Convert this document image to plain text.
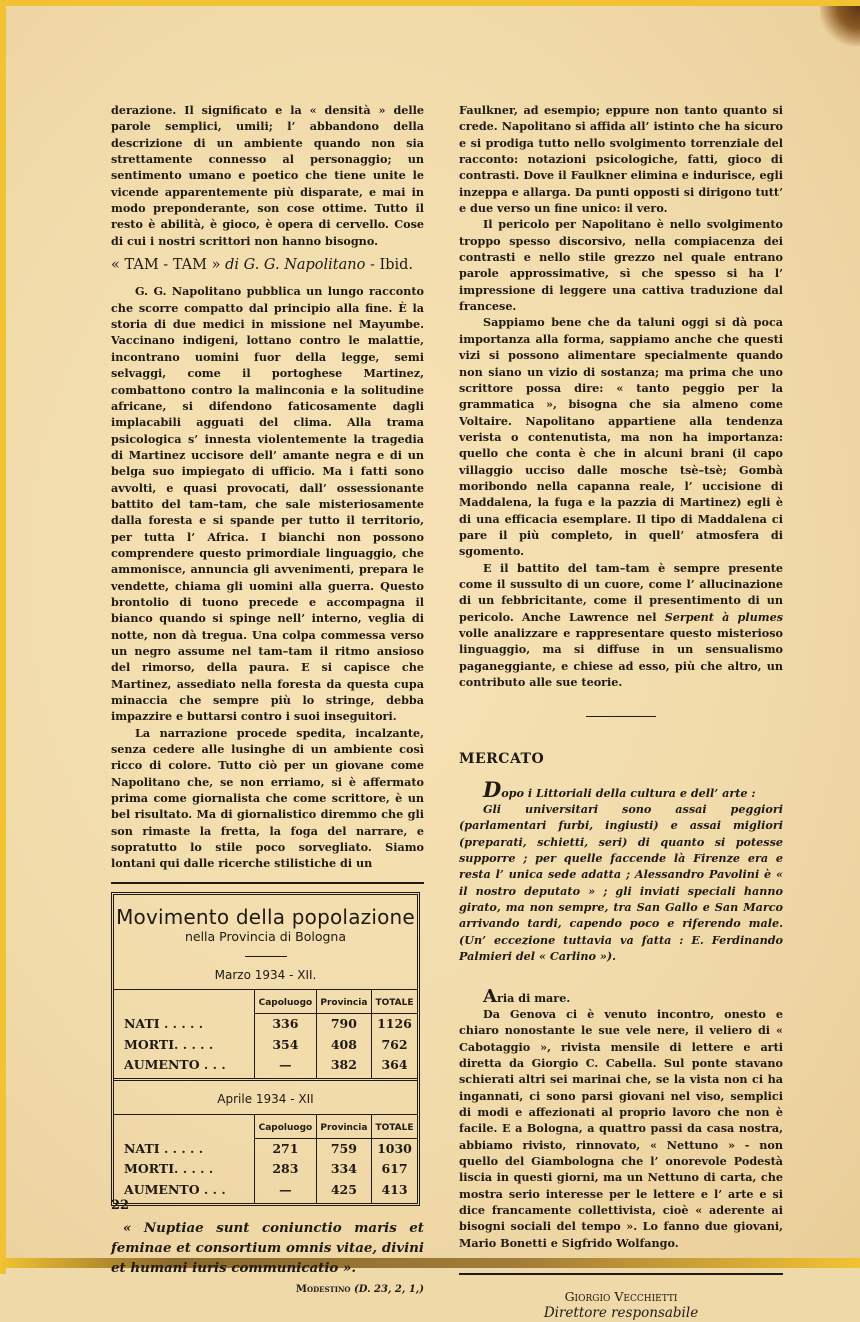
derazione. Il significato e la « densità » delle parole semplici, umili; l’ abbandono della descrizione di un ambiente quando non sia strettamente connesso al personaggio; un sentimento umano e poetico che tiene unite le vicende apparentemente più disparate, e mai in modo preponderante, son cose ottime. Tutto il resto è abilità, è gioco, è opera di cervello. Cose di cui i nostri scrittori non hanno bisogno.

« TAM - TAM » di G. G. Napolitano - Ibid.

G. G. Napolitano pubblica un lungo racconto che scorre compatto dal principio alla fine. È la storia di due medici in missione nel Mayumbe. Vaccinano indigeni, lottano contro le malattie, incontrano uomini fuor della legge, semi selvaggi, come il portoghese Martinez, combattono contro la malinconia e la solitudine africane, si difendono faticosamente dagli implacabili agguati del clima. Alla trama psicologica s’ innesta violentemente la tragedia di Martinez uccisore dell’ amante negra e di un belga suo impiegato di ufficio. Ma i fatti sono avvolti, e quasi provocati, dall’ ossessionante battito del tam–tam, che sale misteriosamente dalla foresta e si spande per tutto il territorio, per tutta l’ Africa. I bianchi non possono comprendere questo primordiale linguaggio, che ammonisce, annuncia gli avvenimenti, prepara le vendette, chiama gli uomini alla guerra. Questo brontolio di tuono precede e accompagna il bianco quando si spinge nell’ interno, veglia di notte, non dà tregua. Una colpa commessa verso un negro assume nel tam–tam il ritmo ansioso del rimorso, della paura. E si capisce che Martinez, assediato nella foresta da questa cupa minaccia che sempre più lo stringe, debba impazzire e buttarsi contro i suoi inseguitori.

La narrazione procede spedita, incalzante, senza cedere alle lusinghe di un ambiente così ricco di colore. Tutto ciò per un giovane come Napolitano che, se non erriamo, si è affermato prima come giornalista che come scrittore, è un bel risultato. Ma di giornalistico diremmo che gli son rimaste la fretta, la foga del narrare, e sopratutto lo stile poco sorvegliato. Siamo lontani qui dalle ricerche stilistiche di un

Movimento della popolazione
nella Provincia di Bologna
Marzo 1934 - XII.
	Capoluogo	Provincia	TOTALE
NATI . . . . .	336	790	1126
MORTI. . . . .	354	408	762
AUMENTO . . .	—	382	364
Aprile 1934 - XII
	Capoluogo	Provincia	TOTALE
NATI . . . . .	271	759	1030
MORTI. . . . .	283	334	617
AUMENTO . . .	—	425	413

« Nuptiae sunt coniunctio maris et feminae et consortium omnis vitae, divini et humani iuris communicatio ».

Modestino (D. 23, 2, 1,)

Faulkner, ad esempio; eppure non tanto quanto si crede. Napolitano si affida all’ istinto che ha sicuro e si prodiga tutto nello svolgimento torrenziale del racconto: notazioni psicologiche, fatti, gioco di contrasti. Dove il Faulkner elimina e indurisce, egli inzeppa e allarga. Da punti opposti si dirigono tutt’ e due verso un fine unico: il vero.

Il pericolo per Napolitano è nello svolgimento troppo spesso discorsivo, nella compiacenza dei contrasti e nello stile grezzo nel quale entrano parole approssimative, sì che spesso si ha l’ impressione di leggere una cattiva traduzione dal francese.

Sappiamo bene che da taluni oggi si dà poca importanza alla forma, sappiamo anche che questi vizi si possono alimentare specialmente quando non siano un vizio di sostanza; ma prima che uno scrittore possa dire: « tanto peggio per la grammatica », bisogna che sia almeno come Voltaire. Napolitano appartiene alla tendenza verista o contenutista, ma non ha importanza: quello che conta è che in alcuni brani (il capo villaggio ucciso dalle mosche tsè–tsè; Gombà moribondo nella capanna reale, l’ uccisione di Maddalena, la fuga e la pazzia di Martinez) egli è di una efficacia esemplare. Il tipo di Maddalena ci pare il più completo, in quell’ atmosfera di sgomento.

E il battito del tam–tam è sempre presente come il sussulto di un cuore, come l’ allucinazione di un febbricitante, come il presentimento di un pericolo. Anche Lawrence nel Serpent à plumes volle analizzare e rappresentare questo misterioso linguaggio, ma si diffuse in un sensualismo paganeggiante, e chiese ad esso, più che altro, un contributo alle sue teorie.

MERCATO

Dopo i Littoriali della cultura e dell’ arte :

Gli universitari sono assai peggiori (parlamentari furbi, ingiusti) e assai migliori (preparati, schietti, seri) di quanto si potesse supporre ; per quelle faccende là Firenze era e resta l’ unica sede adatta ; Alessandro Pavolini è « il nostro deputato » ; gli inviati speciali hanno girato, ma non sempre, tra San Gallo e San Marco arrivando tardi, capendo poco e riferendo male. (Un’ eccezione tuttavia va fatta : E. Ferdinando Palmieri del « Carlino »).

Aria di mare.

Da Genova ci è venuto incontro, onesto e chiaro nonostante le sue vele nere, il veliero di « Cabotaggio », rivista mensile di lettere e arti diretta da Giorgio C. Cabella. Sul ponte stavano schierati altri sei marinai che, se la vista non ci ha ingannati, ci sono parsi giovani nel viso, semplici di modi e affezionati al proprio lavoro che non è facile. E a Bologna, a quattro passi da casa nostra, abbiamo rivisto, rinnovato, « Nettuno » - non quello del Giambologna che l’ onorevole Podestà liscia in questi giorni, ma un Nettuno di carta, che mostra serio interesse per le lettere e l’ arte e si dice francamente collettivista, cioè « aderente ai bisogni sociali del tempo ». Lo fanno due giovani, Mario Bonetti e Sigfrido Wolfango.

Giorgio Vecchietti
Direttore responsabile
22
